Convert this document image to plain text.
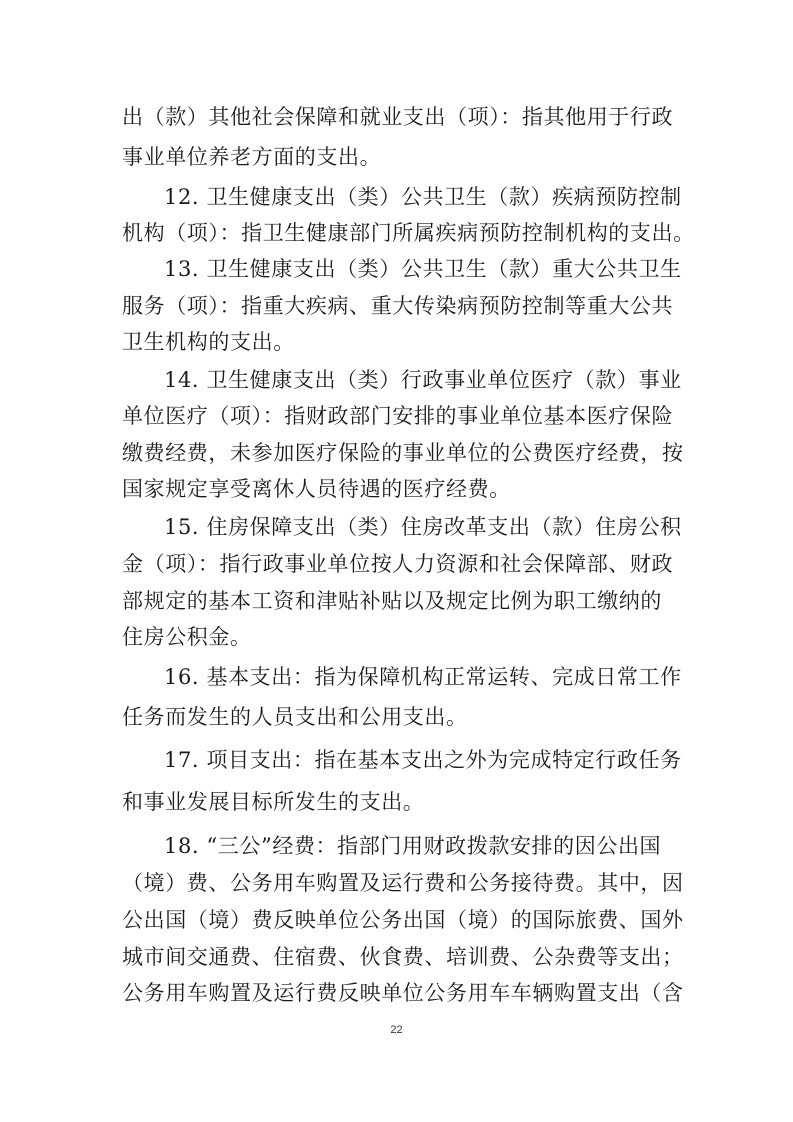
出（款）其他社会保障和就业支出（项）：指其他用于行政
事业单位养老方面的支出。
12. 卫生健康支出（类）公共卫生（款）疾病预防控制
机构（项）：指卫生健康部门所属疾病预防控制机构的支出。
13. 卫生健康支出（类）公共卫生（款）重大公共卫生
服务（项）：指重大疾病、重大传染病预防控制等重大公共
卫生机构的支出。
14. 卫生健康支出（类）行政事业单位医疗（款）事业
单位医疗（项）：指财政部门安排的事业单位基本医疗保险
缴费经费，未参加医疗保险的事业单位的公费医疗经费，按
国家规定享受离休人员待遇的医疗经费。
15. 住房保障支出（类）住房改革支出（款）住房公积
金（项）：指行政事业单位按人力资源和社会保障部、财政
部规定的基本工资和津贴补贴以及规定比例为职工缴纳的
住房公积金。
16. 基本支出：指为保障机构正常运转、完成日常工作
任务而发生的人员支出和公用支出。
17. 项目支出：指在基本支出之外为完成特定行政任务
和事业发展目标所发生的支出。
18. “三公”经费：指部门用财政拨款安排的因公出国
（境）费、公务用车购置及运行费和公务接待费。其中，因
公出国（境）费反映单位公务出国（境）的国际旅费、国外
城市间交通费、住宿费、伙食费、培训费、公杂费等支出；
公务用车购置及运行费反映单位公务用车车辆购置支出（含
22
